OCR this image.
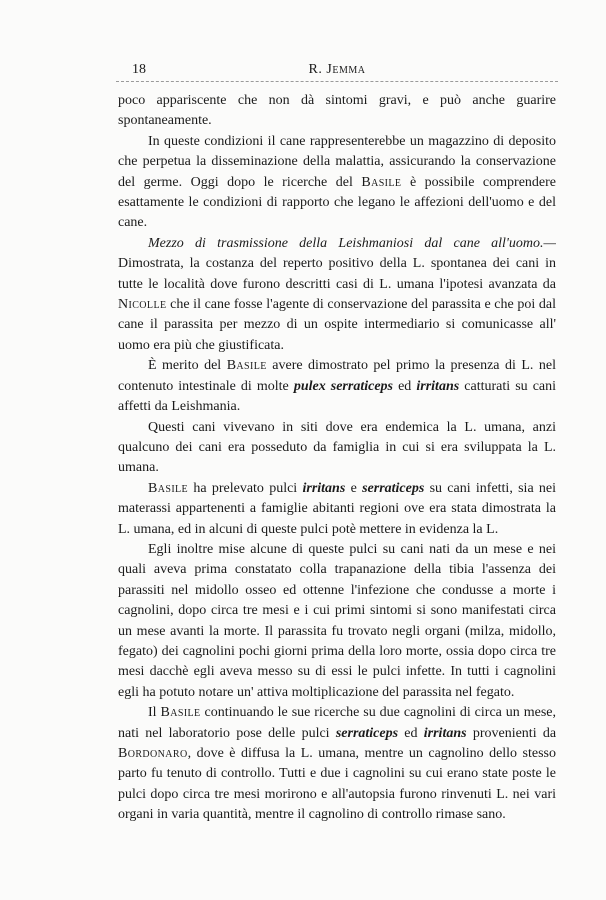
18	R. Jemma

poco appariscente che non dà sintomi gravi, e può anche guarire spontaneamente.

In queste condizioni il cane rappresenterebbe un magazzino di deposito che perpetua la disseminazione della malattia, assicurando la conservazione del germe. Oggi dopo le ricerche del Basile è possibile comprendere esattamente le condizioni di rapporto che legano le affezioni dell'uomo e del cane.

Mezzo di trasmissione della Leishmaniosi dal cane all'uomo.— Dimostrata, la costanza del reperto positivo della L. spontanea dei cani in tutte le località dove furono descritti casi di L. umana l'ipotesi avanzata da Nicolle che il cane fosse l'agente di conservazione del parassita e che poi dal cane il parassita per mezzo di un ospite intermediario si comunicasse all' uomo era più che giustificata.

È merito del Basile avere dimostrato pel primo la presenza di L. nel contenuto intestinale di molte pulex serraticeps ed irritans catturati su cani affetti da Leishmania.

Questi cani vivevano in siti dove era endemica la L. umana, anzi qualcuno dei cani era posseduto da famiglia in cui si era sviluppata la L. umana.

Basile ha prelevato pulci irritans e serraticeps su cani infetti, sia nei materassi appartenenti a famiglie abitanti regioni ove era stata dimostrata la L. umana, ed in alcuni di queste pulci potè mettere in evidenza la L.

Egli inoltre mise alcune di queste pulci su cani nati da un mese e nei quali aveva prima constatato colla trapanazione della tibia l'assenza dei parassiti nel midollo osseo ed ottenne l'infezione che condusse a morte i cagnolini, dopo circa tre mesi e i cui primi sintomi si sono manifestati circa un mese avanti la morte. Il parassita fu trovato negli organi (milza, midollo, fegato) dei cagnolini pochi giorni prima della loro morte, ossia dopo circa tre mesi dacchè egli aveva messo su di essi le pulci infette. In tutti i cagnolini egli ha potuto notare un' attiva moltiplicazione del parassita nel fegato.

Il Basile continuando le sue ricerche su due cagnolini di circa un mese, nati nel laboratorio pose delle pulci serraticeps ed irritans provenienti da Bordonaro, dove è diffusa la L. umana, mentre un cagnolino dello stesso parto fu tenuto di controllo. Tutti e due i cagnolini su cui erano state poste le pulci dopo circa tre mesi morirono e all'autopsia furono rinvenuti L. nei vari organi in varia quantità, mentre il cagnolino di controllo rimase sano.
